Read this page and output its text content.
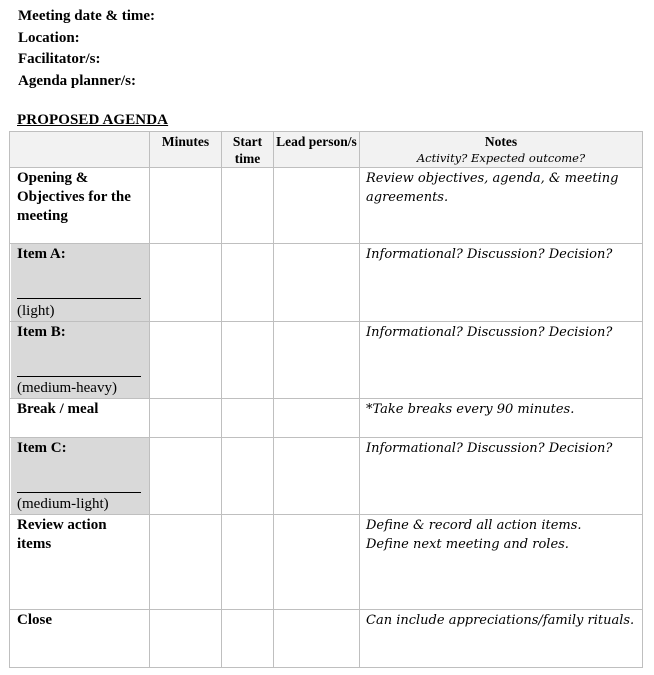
Meeting date & time:
Location:
Facilitator/s:
Agenda planner/s:
PROPOSED AGENDA
	Minutes	Start time	Lead person/s	Notes
Activity? Expected outcome?

Opening & Objectives for the meeting				Review objectives, agenda, & meeting agreements.

Item A:
(light)				Informational? Discussion? Decision?

Item B:
(medium-heavy)				Informational? Discussion? Decision?
Break / meal				*Take breaks every 90 minutes.

Item C:
(medium-light)				Informational? Discussion? Decision?
Review action items				Define & record all action items.
Define next meeting and roles.

Close				Can include appreciations/family rituals.
